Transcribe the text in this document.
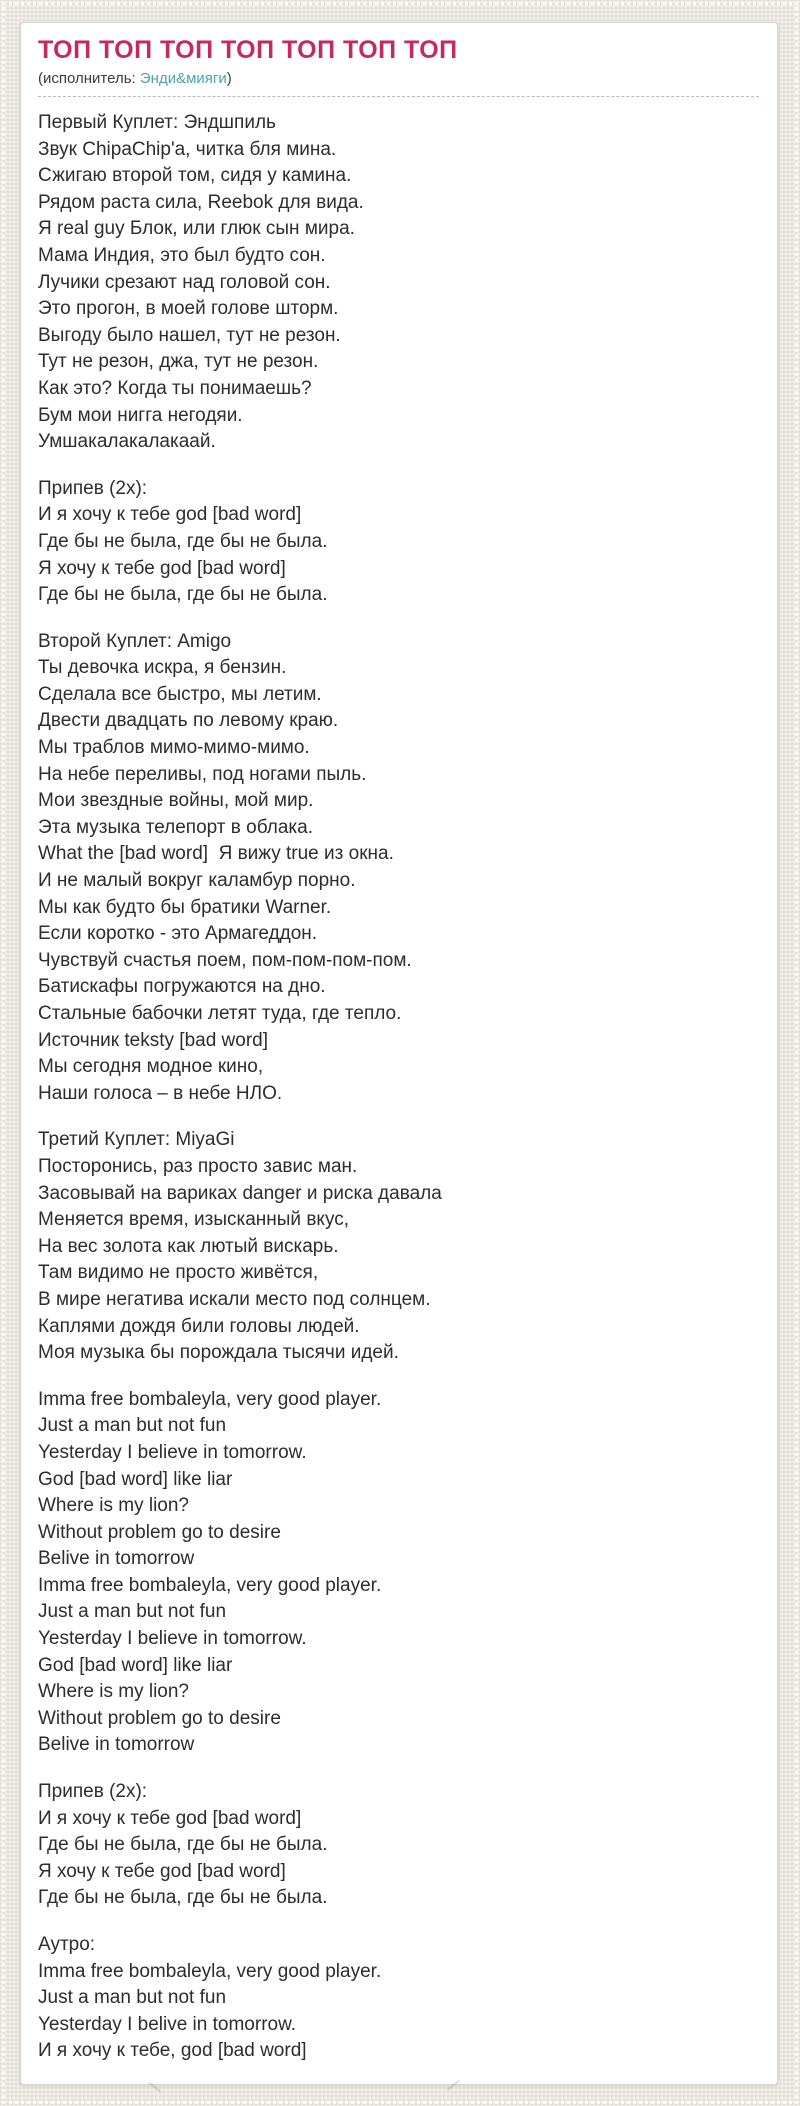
ТОП ТОП ТОП ТОП ТОП ТОП ТОП
(исполнитель: Энди&мияги)
Первый Куплет: Эндшпиль
Звук ChipaChip'а, читка бля мина.
Сжигаю второй том, сидя у камина.
Рядом раста сила, Reebok для вида.
Я real guy Блок, или глюк сын мира.
Мама Индия, это был будто сон.
Лучики срезают над головой сон.
Это прогон, в моей голове шторм.
Выгоду было нашел, тут не резон.
Тут не резон, джа, тут не резон.
Как это? Когда ты понимаешь?
Бум мои нигга негодяи.
Умшакалакалакаай.
Припев (2x):
И я хочу к тебе god [bad word]
Где бы не была, где бы не была.
Я хочу к тебе god [bad word]
Где бы не была, где бы не была.
Второй Куплет: Amigo
Ты девочка искра, я бензин.
Сделала все быстро, мы летим.
Двести двадцать по левому краю.
Мы траблов мимо-мимо-мимо.
На небе переливы, под ногами пыль.
Мои звездные войны, мой мир.
Эта музыка телепорт в облака.
What the [bad word]  Я вижу true из окна.
И не малый вокруг каламбур порно.
Мы как будто бы братики Warner.
Если коротко - это Армагеддон.
Чувствуй счастья поем, пом-пом-пом-пом.
Батискафы погружаются на дно.
Стальные бабочки летят туда, где тепло.
Источник teksty [bad word]
Мы сегодня модное кино,
Наши голоса – в небе НЛО.
Третий Куплет: MiyaGi
Посторонись, раз просто завис ман.
Засовывай на вариках danger и риска давала
Меняется время, изысканный вкус,
На вес золота как лютый вискарь.
Там видимо не просто живётся,
В мире негатива искали место под солнцем.
Каплями дождя били головы людей.
Моя музыка бы порождала тысячи идей.
Imma free bombaleyla, very good player.
Just a man but not fun
Yesterday I believe in tomorrow.
God [bad word] like liar
Where is my lion?
Without problem go to desire
Belive in tomorrow
Imma free bombaleyla, very good player.
Just a man but not fun
Yesterday I believe in tomorrow.
God [bad word] like liar
Where is my lion?
Without problem go to desire
Belive in tomorrow
Припев (2x):
И я хочу к тебе god [bad word]
Где бы не была, где бы не была.
Я хочу к тебе god [bad word]
Где бы не была, где бы не была.
Аутро:
Imma free bombaleyla, very good player.
Just a man but not fun
Yesterday I belive in tomorrow.
И я хочу к тебе, god [bad word]
